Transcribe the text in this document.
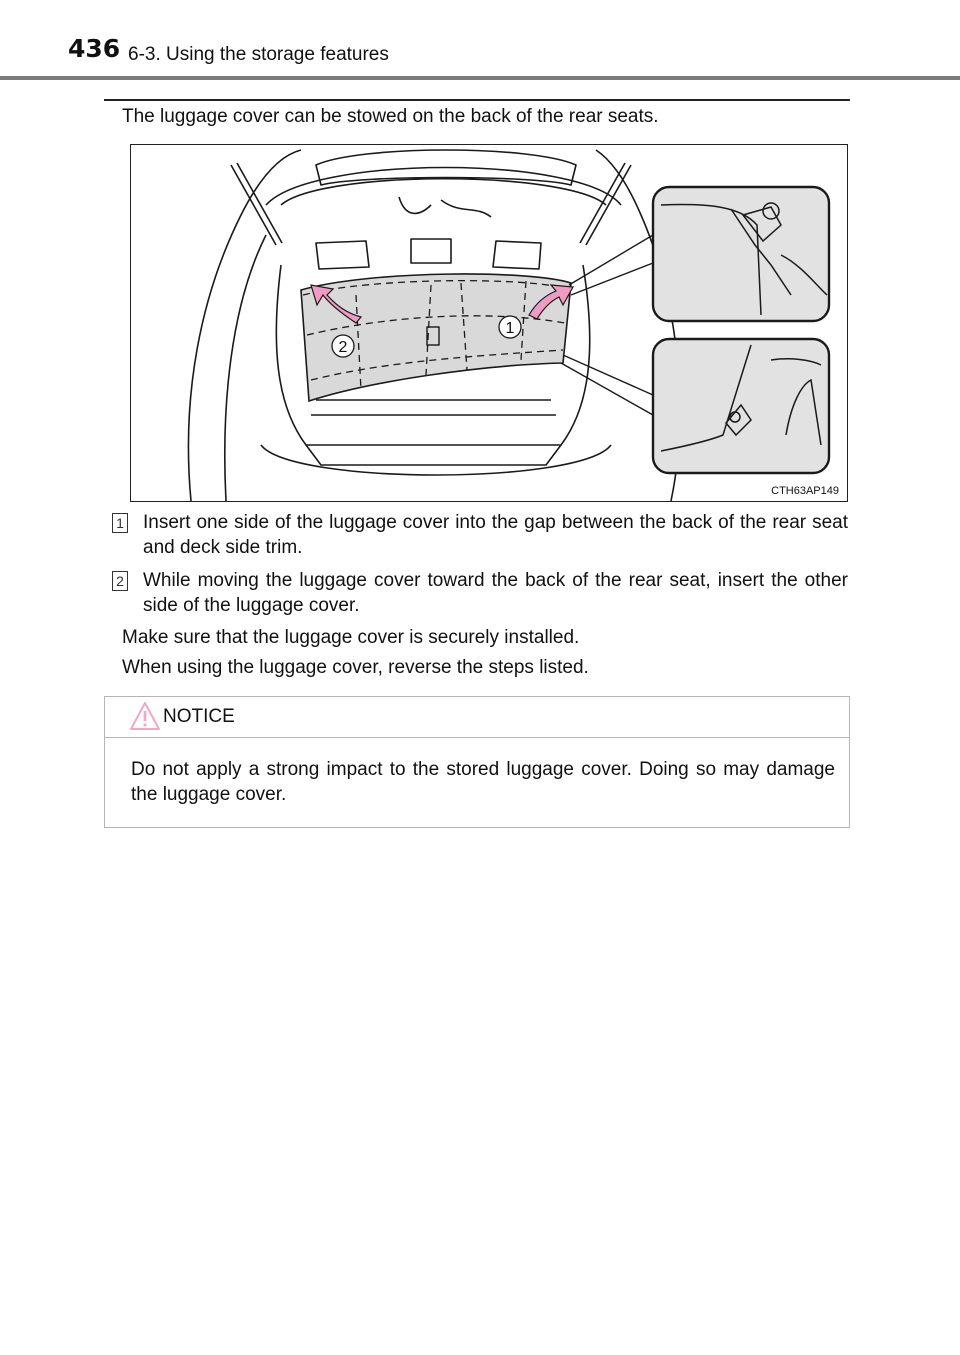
436 6-3. Using the storage features
The luggage cover can be stowed on the back of the rear seats.
2
1
CTH63AP149
1 Insert one side of the luggage cover into the gap between the back of the rear seat and deck side trim.
2 While moving the luggage cover toward the back of the rear seat, insert the other side of the luggage cover.
Make sure that the luggage cover is securely installed.
When using the luggage cover, reverse the steps listed.
NOTICE
Do not apply a strong impact to the stored luggage cover. Doing so may damage the luggage cover.
